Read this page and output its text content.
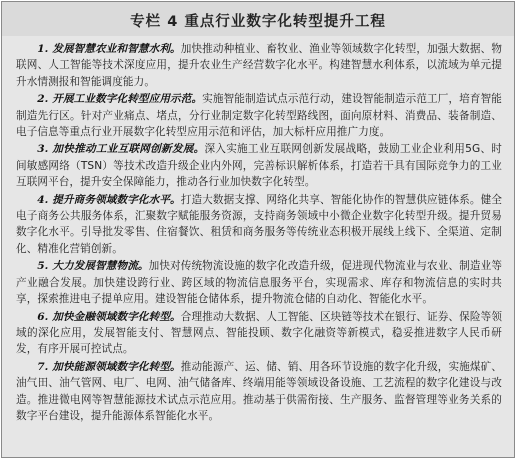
专栏 4 重点行业数字化转型提升工程

1. 发展智慧农业和智慧水利。加快推动种植业、畜牧业、渔业等领域数字化转型，加强大数据、物联网、人工智能等技术深度应用，提升农业生产经营数字化水平。构建智慧水利体系，以流域为单元提升水情测报和智能调度能力。

2. 开展工业数字化转型应用示范。实施智能制造试点示范行动，建设智能制造示范工厂，培育智能制造先行区。针对产业痛点、堵点，分行业制定数字化转型路线图，面向原材料、消费品、装备制造、电子信息等重点行业开展数字化转型应用示范和评估，加大标杆应用推广力度。

3. 加快推动工业互联网创新发展。深入实施工业互联网创新发展战略，鼓励工业企业利用5G、时间敏感网络（TSN）等技术改造升级企业内外网，完善标识解析体系，打造若干具有国际竞争力的工业互联网平台，提升安全保障能力，推动各行业加快数字化转型。

4. 提升商务领域数字化水平。打造大数据支撑、网络化共享、智能化协作的智慧供应链体系。健全电子商务公共服务体系，汇聚数字赋能服务资源，支持商务领域中小微企业数字化转型升级。提升贸易数字化水平。引导批发零售、住宿餐饮、租赁和商务服务等传统业态积极开展线上线下、全渠道、定制化、精准化营销创新。

5. 大力发展智慧物流。加快对传统物流设施的数字化改造升级，促进现代物流业与农业、制造业等产业融合发展。加快建设跨行业、跨区域的物流信息服务平台，实现需求、库存和物流信息的实时共享，探索推进电子提单应用。建设智能仓储体系，提升物流仓储的自动化、智能化水平。

6. 加快金融领域数字化转型。合理推动大数据、人工智能、区块链等技术在银行、证券、保险等领域的深化应用，发展智能支付、智慧网点、智能投顾、数字化融资等新模式，稳妥推进数字人民币研发，有序开展可控试点。

7. 加快能源领域数字化转型。推动能源产、运、储、销、用各环节设施的数字化升级，实施煤矿、油气田、油气管网、电厂、电网、油气储备库、终端用能等领域设备设施、工艺流程的数字化建设与改造。推进微电网等智慧能源技术试点示范应用。推动基于供需衔接、生产服务、监督管理等业务关系的数字平台建设，提升能源体系智能化水平。
